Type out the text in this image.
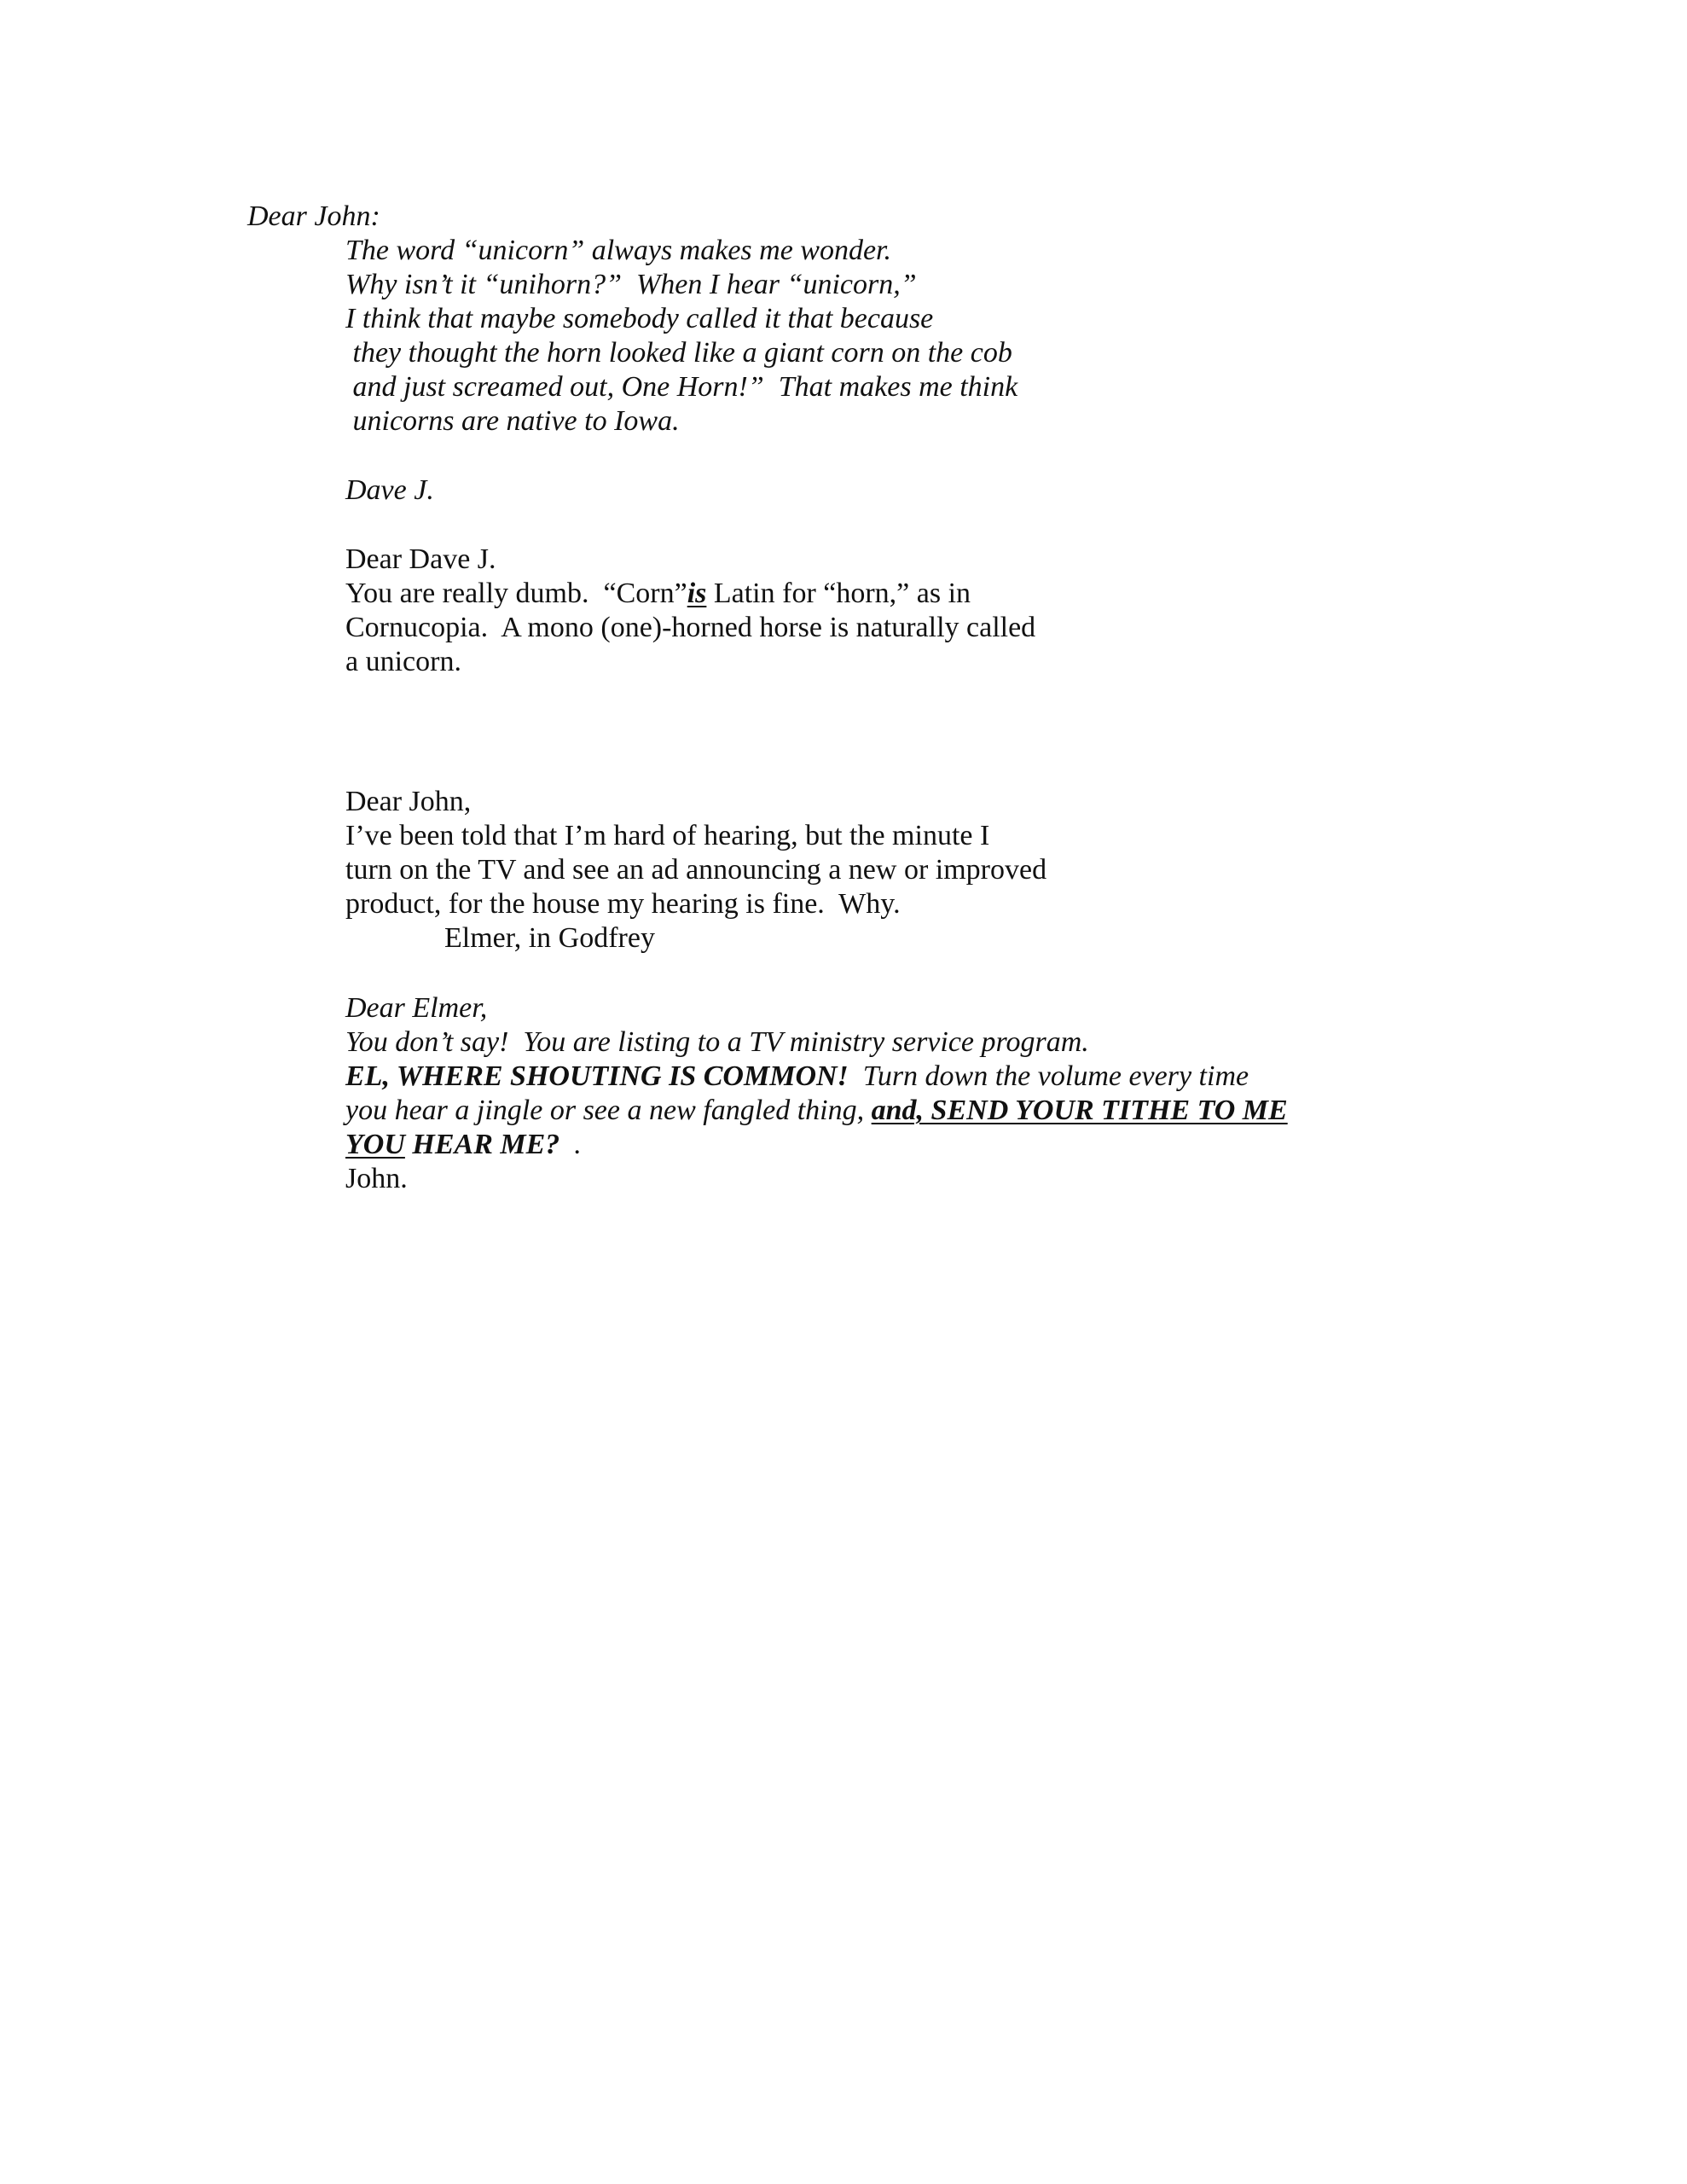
Dear John:
The word “unicorn” always makes me wonder.
Why isn’t it “unihorn?”  When I hear “unicorn,”
I think that maybe somebody called it that because
they thought the horn looked like a giant corn on the cob
and just screamed out, One Horn!”  That makes me think
unicorns are native to Iowa.
Dave J.
Dear Dave J.
You are really dumb.  “Corn”is Latin for “horn,” as in
Cornucopia.  A mono (one)-horned horse is naturally called
a unicorn.
Dear John,
I’ve been told that I’m hard of hearing, but the minute I
turn on the TV and see an ad announcing a new or improved
product, for the house my hearing is fine.  Why.
Elmer, in Godfrey
Dear Elmer,
You don’t say!  You are listing to a TV ministry service program.
EL, WHERE SHOUTING IS COMMON!  Turn down the volume every time
you hear a jingle or see a new fangled thing, and, SEND YOUR TITHE TO ME
YOU HEAR ME?  .
John.
